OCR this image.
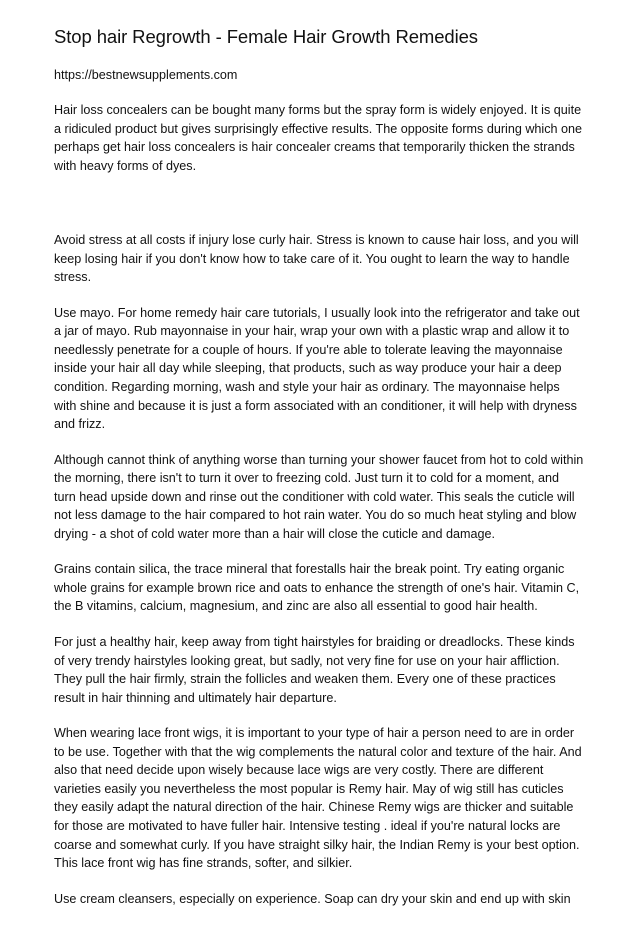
Stop hair Regrowth - Female Hair Growth Remedies
https://bestnewsupplements.com

Hair loss concealers can be bought many forms but the spray form is widely enjoyed. It is quite a ridiculed product but gives surprisingly effective results. The opposite forms during which one perhaps get hair loss concealers is hair concealer creams that temporarily thicken the strands with heavy forms of dyes.

Avoid stress at all costs if injury lose curly hair. Stress is known to cause hair loss, and you will keep losing hair if you don't know how to take care of it. You ought to learn the way to handle stress.

Use mayo. For home remedy hair care tutorials, I usually look into the refrigerator and take out a jar of mayo. Rub mayonnaise in your hair, wrap your own with a plastic wrap and allow it to needlessly penetrate for a couple of hours. If you're able to tolerate leaving the mayonnaise inside your hair all day while sleeping, that products, such as way produce your hair a deep condition. Regarding morning, wash and style your hair as ordinary. The mayonnaise helps with shine and because it is just a form associated with an conditioner, it will help with dryness and frizz.

Although cannot think of anything worse than turning your shower faucet from hot to cold within the morning, there isn't to turn it over to freezing cold. Just turn it to cold for a moment, and turn head upside down and rinse out the conditioner with cold water. This seals the cuticle will not less damage to the hair compared to hot rain water. You do so much heat styling and blow drying - a shot of cold water more than a hair will close the cuticle and damage.

Grains contain silica, the trace mineral that forestalls hair the break point. Try eating organic whole grains for example brown rice and oats to enhance the strength of one's hair. Vitamin C, the B vitamins, calcium, magnesium, and zinc are also all essential to good hair health.

For just a healthy hair, keep away from tight hairstyles for braiding or dreadlocks. These kinds of very trendy hairstyles looking great, but sadly, not very fine for use on your hair affliction. They pull the hair firmly, strain the follicles and weaken them. Every one of these practices result in hair thinning and ultimately hair departure.

When wearing lace front wigs, it is important to your type of hair a person need to are in order to be use. Together with that the wig complements the natural color and texture of the hair. And also that need decide upon wisely because lace wigs are very costly. There are different varieties easily you nevertheless the most popular is Remy hair. May of wig still has cuticles they easily adapt the natural direction of the hair. Chinese Remy wigs are thicker and suitable for those are motivated to have fuller hair. Intensive testing . ideal if you're natural locks are coarse and somewhat curly. If you have straight silky hair, the Indian Remy is your best option. This lace front wig has fine strands, softer, and silkier.

Use cream cleansers, especially on experience. Soap can dry your skin and end up with skin
